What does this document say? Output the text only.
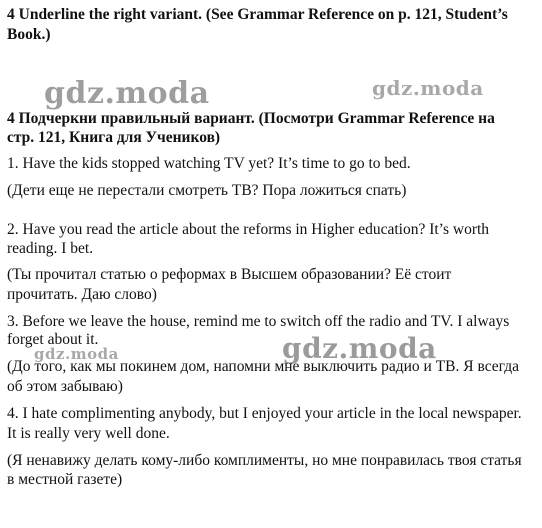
4 Underline the right variant. (See Grammar Reference on p. 121, Student’s
Book.)
gdz.moda	gdz.moda
4 Подчеркни правильный вариант. (Посмотри Grammar Reference на
стр. 121, Книга для Учеников)
1. Have the kids stopped watching TV yet? It’s time to go to bed.
(Дети еще не перестали смотреть ТВ? Пора ложиться спать)
2. Have you read the article about the reforms in Higher education? It’s worth
reading. I bet.
(Ты прочитал статью о реформах в Высшем образовании? Её стоит
прочитать. Даю слово)
3. Before we leave the house, remind me to switch off the radio and TV. I always
forget about it.
gdz.moda	gdz.moda
(До того, как мы покинем дом, напомни мне выключить радио и ТВ. Я всегда
об этом забываю)
4. I hate complimenting anybody, but I enjoyed your article in the local newspaper.
It is really very well done.
(Я ненавижу делать кому-либо комплименты, но мне понравилась твоя статья
в местной газете)
